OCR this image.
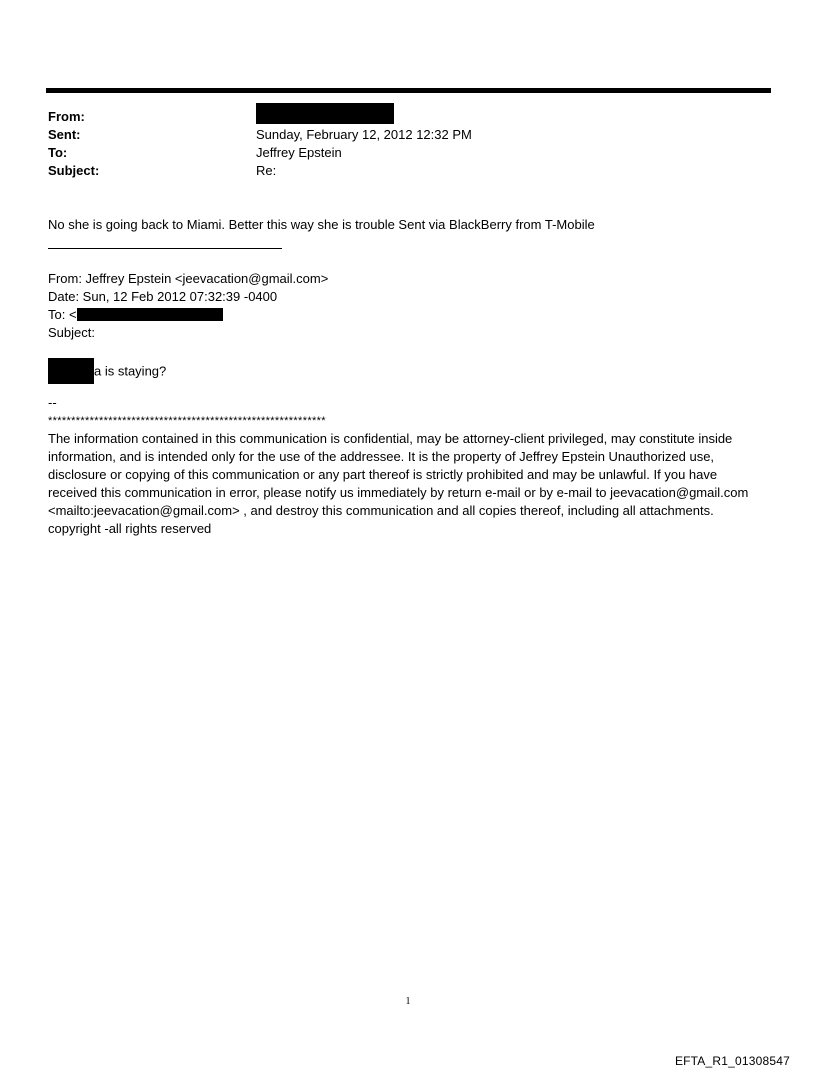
From:
Sent:	Sunday, February 12, 2012 12:32 PM
To:	Jeffrey Epstein
Subject:	Re:
No she is going back to Miami. Better this way she is trouble Sent via BlackBerry from T-Mobile
From: Jeffrey Epstein <jeevacation@gmail.com>
Date: Sun, 12 Feb 2012 07:32:39 -0400
To: <
Subject:
a is staying?
--
************************************************************
The information contained in this communication is confidential, may be attorney-client privileged, may constitute inside information, and is intended only for the use of the addressee. It is the property of Jeffrey Epstein Unauthorized use, disclosure or copying of this communication or any part thereof is strictly prohibited and may be unlawful. If you have received this communication in error, please notify us immediately by return e-mail or by e-mail to jeevacation@gmail.com <mailto:jeevacation@gmail.com> , and destroy this communication and all copies thereof, including all attachments. copyright -all rights reserved
1
EFTA_R1_01308547
